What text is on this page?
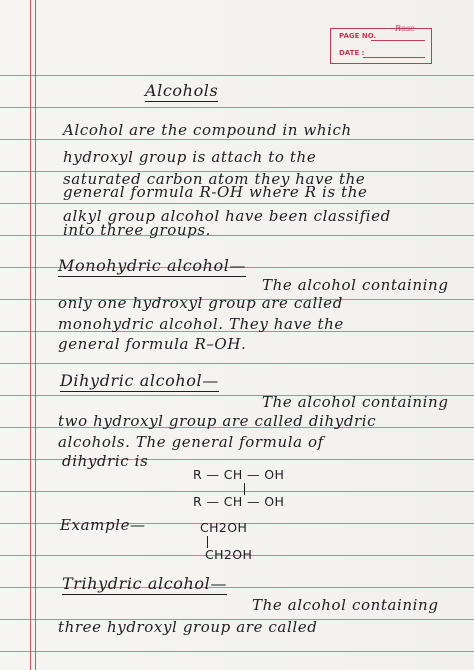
PAGE NO.
DATE :
Rose
Alcohols
Alcohol are the compound in which
hydroxyl group is attach to the
saturated carbon atom they have the
general formula R-OH where R is the
alkyl group alcohol have been classified
into three groups.
Monohydric alcohol—
The alcohol containing
only one hydroxyl group are called
monohydric alcohol. They have the
general formula R–OH.
Dihydric alcohol—
The alcohol containing
two hydroxyl group are called dihydric
alcohols. The general formula of
dihydric is
R — CH — OH
R — CH — OH
Example—	CH2OH
CH2OH
Trihydric alcohol—
The alcohol containing
three hydroxyl group are called
